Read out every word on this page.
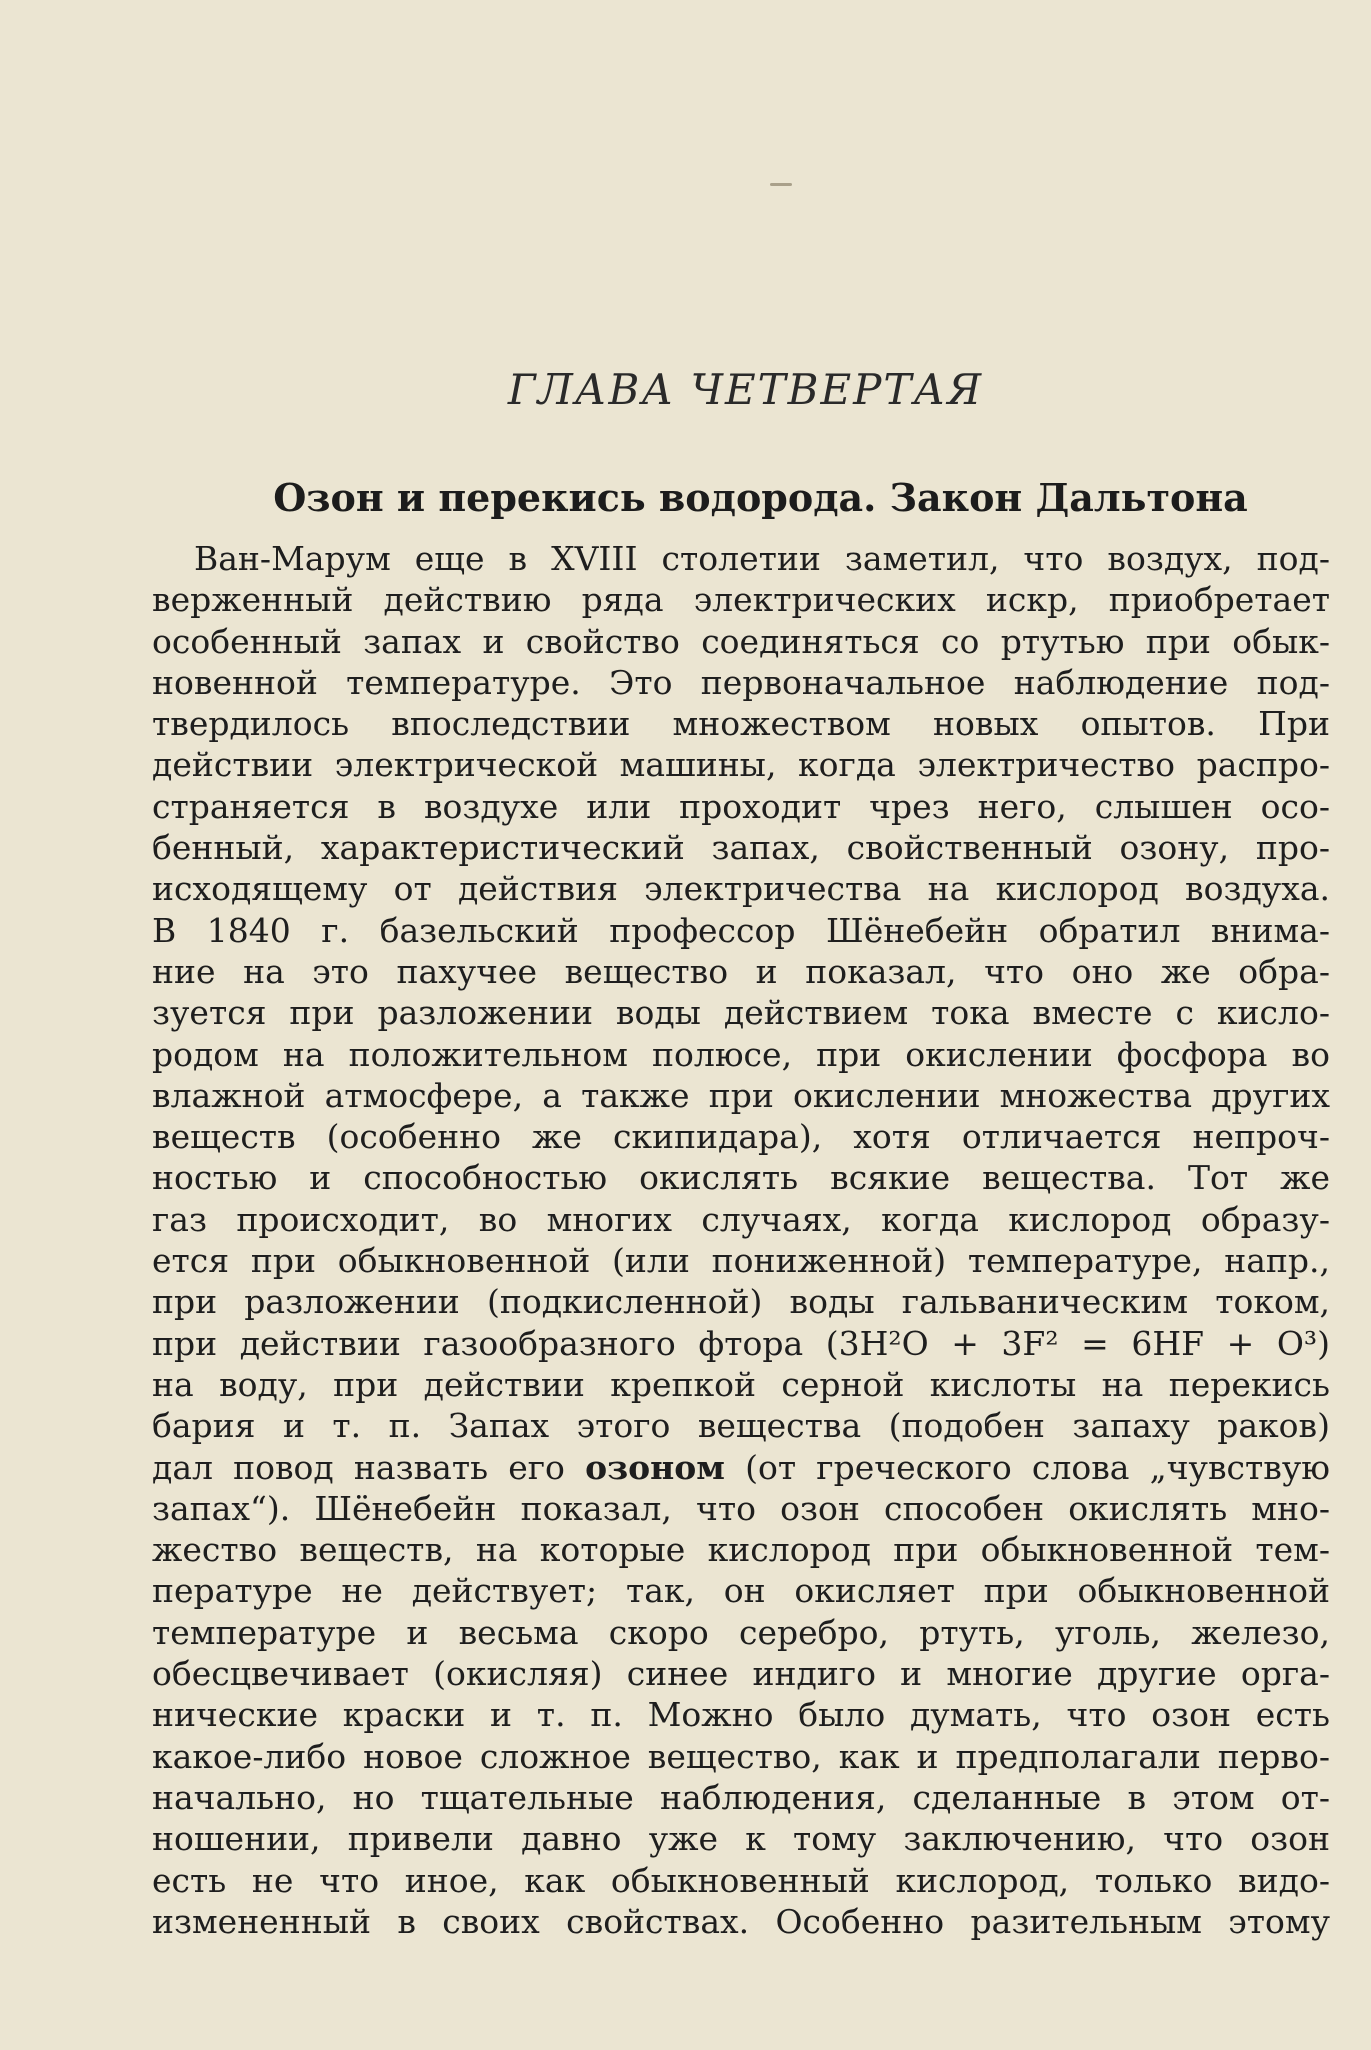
ГЛАВА ЧЕТВЕРТАЯ
Озон и перекись водорода. Закон Дальтона
Ван-Марум еще в XVIII столетии заметил, что воздух, под-
верженный действию ряда электрических искр, приобретает
особенный запах и свойство соединяться со ртутью при обык-
новенной температуре. Это первоначальное наблюдение под-
твердилось впоследствии множеством новых опытов. При
действии электрической машины, когда электричество распро-
страняется в воздухе или проходит чрез него, слышен осо-
бенный, характеристический запах, свойственный озону, про-
исходящему от действия электричества на кислород воздуха.
В 1840 г. базельский профессор Шёнебейн обратил внима-
ние на это пахучее вещество и показал, что оно же обра-
зуется при разложении воды действием тока вместе с кисло-
родом на положительном полюсе, при окислении фосфора во
влажной атмосфере, а также при окислении множества других
веществ (особенно же скипидара), хотя отличается непроч-
ностью и способностью окислять всякие вещества. Тот же
газ происходит, во многих случаях, когда кислород образу-
ется при обыкновенной (или пониженной) температуре, напр.,
при разложении (подкисленной) воды гальваническим током,
при действии газообразного фтора (3H²O + 3F² = 6HF + O³)
на воду, при действии крепкой серной кислоты на перекись
бария и т. п. Запах этого вещества (подобен запаху раков)
дал повод назвать его озоном (от греческого слова „чувствую
запах“). Шёнебейн показал, что озон способен окислять мно-
жество веществ, на которые кислород при обыкновенной тем-
пературе не действует; так, он окисляет при обыкновенной
температуре и весьма скоро серебро, ртуть, уголь, железо,
обесцвечивает (окисляя) синее индиго и многие другие орга-
нические краски и т. п. Можно было думать, что озон есть
какое-либо новое сложное вещество, как и предполагали перво-
начально, но тщательные наблюдения, сделанные в этом от-
ношении, привели давно уже к тому заключению, что озон
есть не что иное, как обыкновенный кислород, только видо-
измененный в своих свойствах. Особенно разительным этому
